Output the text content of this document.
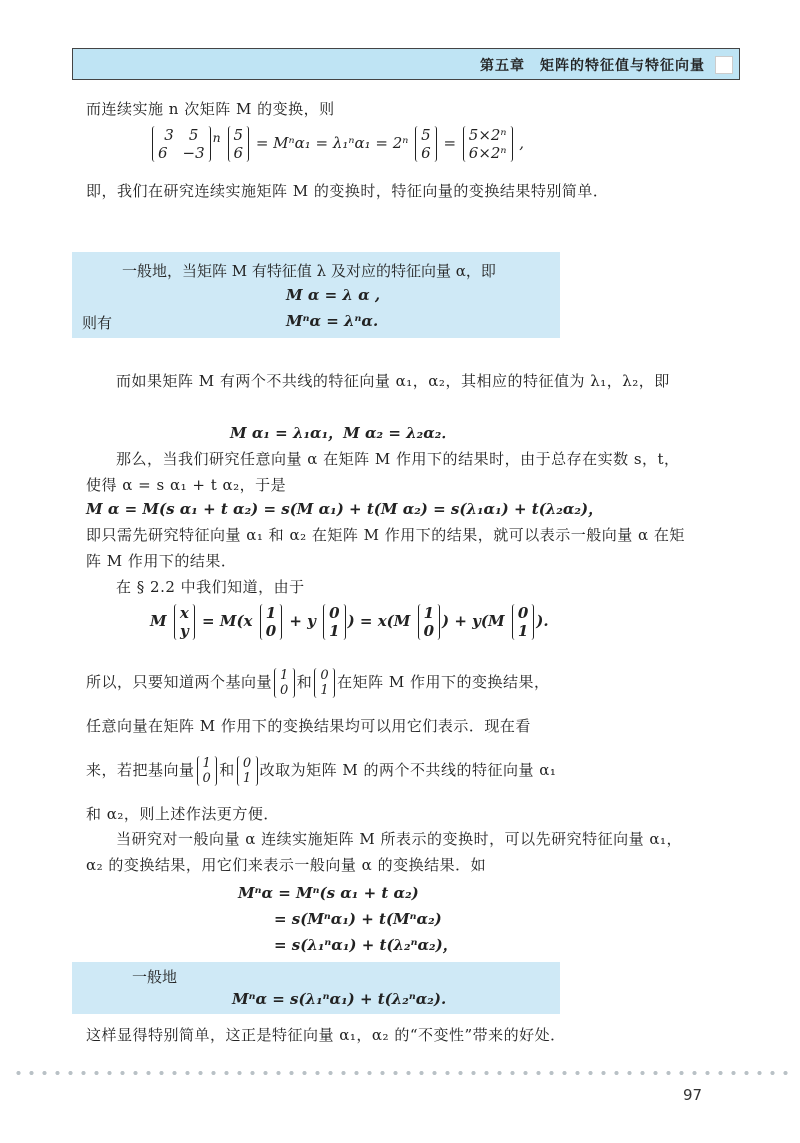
第五章　矩阵的特征值与特征向量
而连续实施 n 次矩阵 M 的变换，则
3　5
6　−3
$^n$ 5
6
= Mⁿα₁ = λ₁ⁿα₁ = 2ⁿ 5
6
= 5×2ⁿ
6×2ⁿ
,
即，我们在研究连续实施矩阵 M 的变换时，特征向量的变换结果特别简单．
一般地，当矩阵 M 有特征值 λ 及对应的特征向量 α，即
M α = λ α ,
则有	Mⁿα = λⁿα.
而如果矩阵 M 有两个不共线的特征向量 α₁，α₂，其相应的特征值为 λ₁，λ₂，即
M α₁ = λ₁α₁，M α₂ = λ₂α₂．
那么，当我们研究任意向量 α 在矩阵 M 作用下的结果时，由于总存在实数 s，t，使得 α = s α₁ + t α₂，于是
M α = M(s α₁ + t α₂) = s(M α₁) + t(M α₂) = s(λ₁α₁) + t(λ₂α₂)，
即只需先研究特征向量 α₁ 和 α₂ 在矩阵 M 作用下的结果，就可以表示一般向量 α 在矩阵 M 作用下的结果．
在 § 2.2 中我们知道，由于
M x
y
= M(x 1
0
+ y 0
1
) = x(M 1
0
) + y(M 0
1
).
所以，只要知道两个基向量 1
0 和 0
1 在矩阵 M 作用下的变换结果，
任意向量在矩阵 M 作用下的变换结果均可以用它们表示．现在看
来，若把基向量 1
0 和 0
1 改取为矩阵 M 的两个不共线的特征向量 α₁
和 α₂，则上述作法更方便．
当研究对一般向量 α 连续实施矩阵 M 所表示的变换时，可以先研究特征向量 α₁，α₂ 的变换结果，用它们来表示一般向量 α 的变换结果．如
Mⁿα = Mⁿ(s α₁ + t α₂)
= s(Mⁿα₁) + t(Mⁿα₂)
= s(λ₁ⁿα₁) + t(λ₂ⁿα₂)，
一般地
Mⁿα = s(λ₁ⁿα₁) + t(λ₂ⁿα₂).
这样显得特别简单，这正是特征向量 α₁，α₂ 的“不变性”带来的好处．
97
